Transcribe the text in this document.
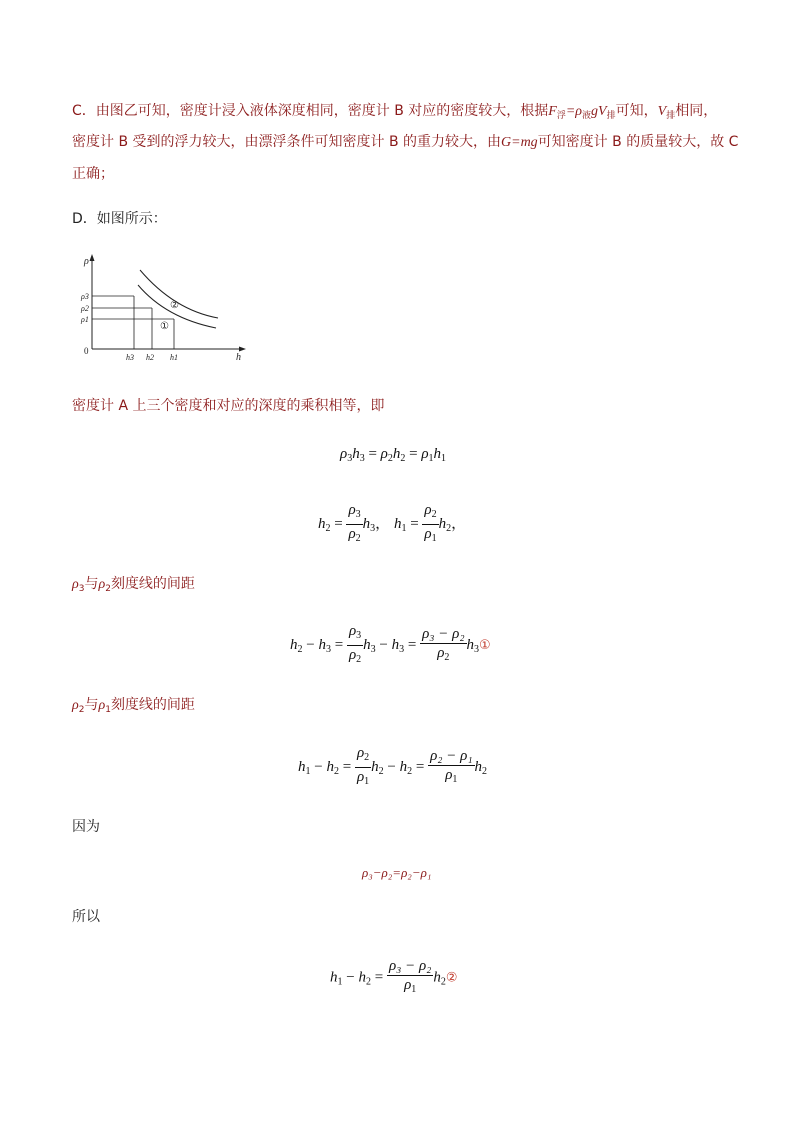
C．由图乙可知，密度计浸入液体深度相同，密度计 B 对应的密度较大，根据$F_浮=\rho_液gV_排$可知，$V_排$相同，
密度计 B 受到的浮力较大，由漂浮条件可知密度计 B 的重力较大，由G=mg可知密度计 B 的质量较大，故 C
正确；
D．如图所示：
ρ
h
0
ρ3
ρ2
ρ1
h3 h2 h1
②
①
密度计 A 上三个密度和对应的深度的乘积相等，即
$\rho_3h_3 = \rho_2h_2 = \rho_1h_1$
$h_2 = \frac{\rho_3}{\rho_2} h_3$， $h_1 = \frac{\rho_2}{\rho_1} h_2$，
$\rho_3$与$\rho_2$刻度线的间距
$h_2 - h_3 = \frac{\rho_3}{\rho_2} h_3 - h_3 = \frac{\text{ρ₃ − ρ₂}}{\rho_2}$ $h_3①$
$\rho_2$与$\rho_1$刻度线的间距
$h_1 - h_2 = \frac{\rho_2}{\rho_1} h_2 - h_2 = \frac{\text{ρ₂ − ρ₁}}{\rho_1} h_2$
因为
ρ₃−ρ₂=ρ₂−ρ₁
所以
$h_1 - h_2 = \frac{\text{ρ₃ − ρ₂}}{\rho_1}$ $h_2②$
